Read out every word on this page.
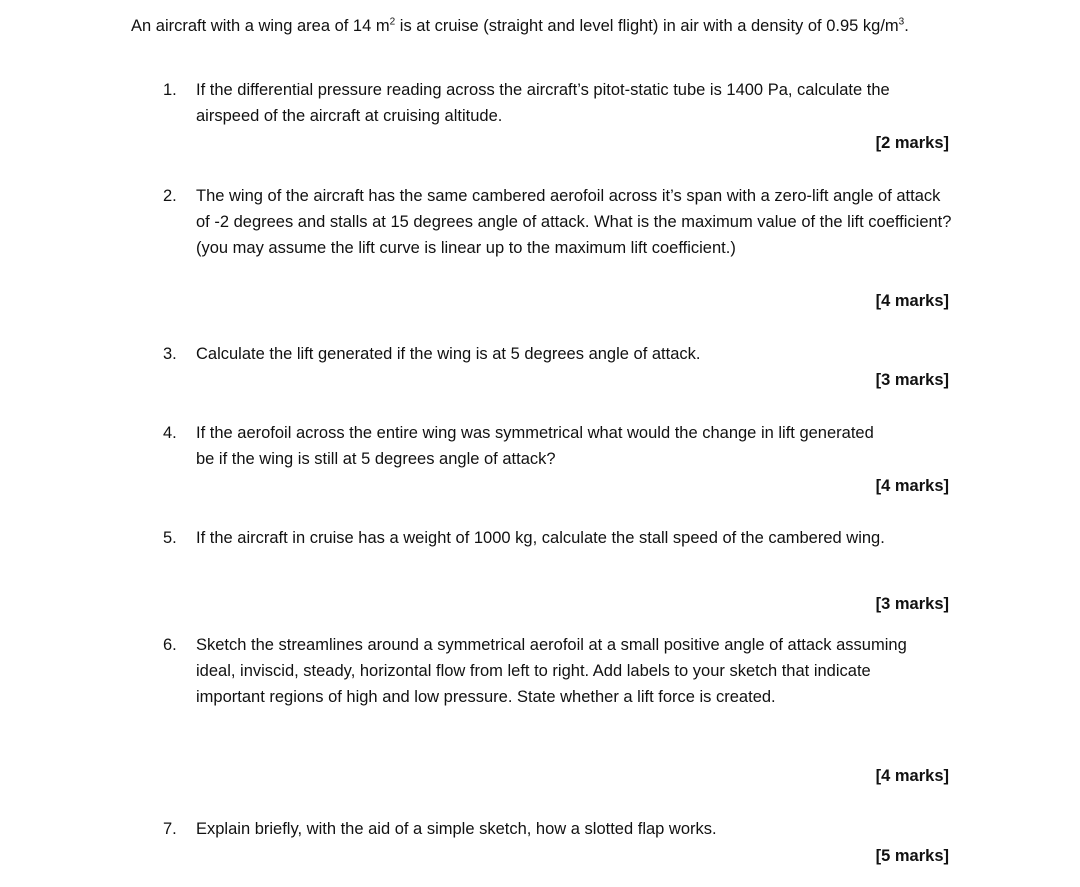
An aircraft with a wing area of 14 $m^2$ is at cruise (straight and level flight) in air with a density of 0.95 $kg/m^3$.
1.	If the differential pressure reading across the aircraft’s pitot-static tube is 1400 Pa, calculate the airspeed of the aircraft at cruising altitude.
[2 marks]
2.	The wing of the aircraft has the same cambered aerofoil across it’s span with a zero-lift angle of attack of -2 degrees and stalls at 15 degrees angle of attack. What is the maximum value of the lift coefficient? (you may assume the lift curve is linear up to the maximum lift coefficient.)
[4 marks]
3.	Calculate the lift generated if the wing is at 5 degrees angle of attack.
[3 marks]
4.	If the aerofoil across the entire wing was symmetrical what would the change in lift generated be if the wing is still at 5 degrees angle of attack?
[4 marks]
5.	If the aircraft in cruise has a weight of 1000 kg, calculate the stall speed of the cambered wing.
[3 marks]
6.	Sketch the streamlines around a symmetrical aerofoil at a small positive angle of attack assuming ideal, inviscid, steady, horizontal flow from left to right. Add labels to your sketch that indicate important regions of high and low pressure. State whether a lift force is created.
[4 marks]
7.	Explain briefly, with the aid of a simple sketch, how a slotted flap works.
[5 marks]
